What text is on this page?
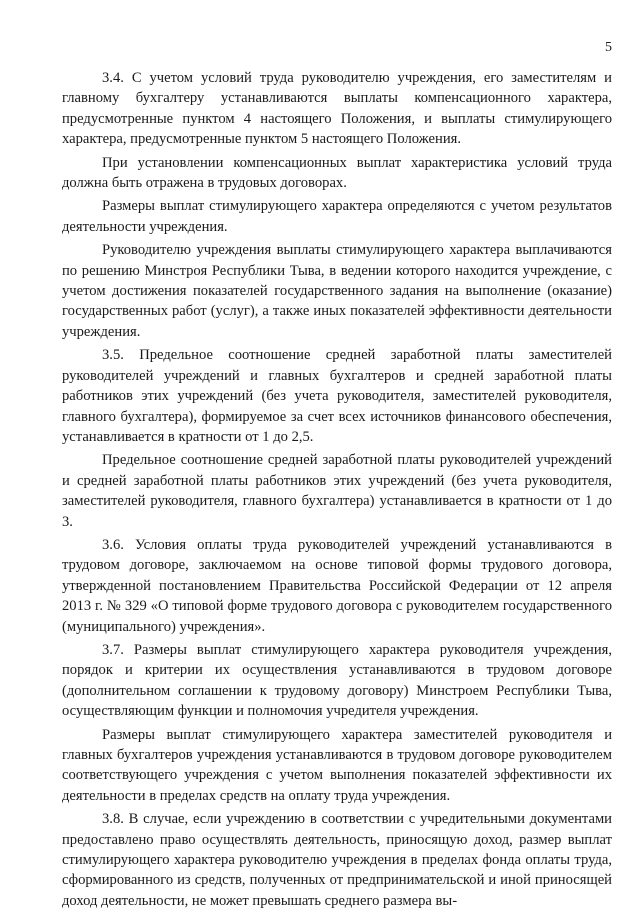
5

3.4. С учетом условий труда руководителю учреждения, его заместителям и главному бухгалтеру устанавливаются выплаты компенсационного характера, предусмотренные пунктом 4 настоящего Положения, и выплаты стимулирующего характера, предусмотренные пунктом 5 настоящего Положения.

При установлении компенсационных выплат характеристика условий труда должна быть отражена в трудовых договорах.

Размеры выплат стимулирующего характера определяются с учетом результатов деятельности учреждения.

Руководителю учреждения выплаты стимулирующего характера выплачиваются по решению Минстроя Республики Тыва, в ведении которого находится учреждение, с учетом достижения показателей государственного задания на выполнение (оказание) государственных работ (услуг), а также иных показателей эффективности деятельности учреждения.

3.5. Предельное соотношение средней заработной платы заместителей руководителей учреждений и главных бухгалтеров и средней заработной платы работников этих учреждений (без учета руководителя, заместителей руководителя, главного бухгалтера), формируемое за счет всех источников финансового обеспечения, устанавливается в кратности от 1 до 2,5.

Предельное соотношение средней заработной платы руководителей учреждений и средней заработной платы работников этих учреждений (без учета руководителя, заместителей руководителя, главного бухгалтера) устанавливается в кратности от 1 до 3.

3.6. Условия оплаты труда руководителей учреждений устанавливаются в трудовом договоре, заключаемом на основе типовой формы трудового договора, утвержденной постановлением Правительства Российской Федерации от 12 апреля 2013 г. № 329 «О типовой форме трудового договора с руководителем государственного (муниципального) учреждения».

3.7. Размеры выплат стимулирующего характера руководителя учреждения, порядок и критерии их осуществления устанавливаются в трудовом договоре (дополнительном соглашении к трудовому договору) Минстроем Республики Тыва, осуществляющим функции и полномочия учредителя учреждения.

Размеры выплат стимулирующего характера заместителей руководителя и главных бухгалтеров учреждения устанавливаются в трудовом договоре руководителем соответствующего учреждения с учетом выполнения показателей эффективности их деятельности в пределах средств на оплату труда учреждения.

3.8. В случае, если учреждению в соответствии с учредительными документами предоставлено право осуществлять деятельность, приносящую доход, размер выплат стимулирующего характера руководителю учреждения в пределах фонда оплаты труда, сформированного из средств, полученных от предпринимательской и иной приносящей доход деятельности, не может превышать среднего размера вы-
